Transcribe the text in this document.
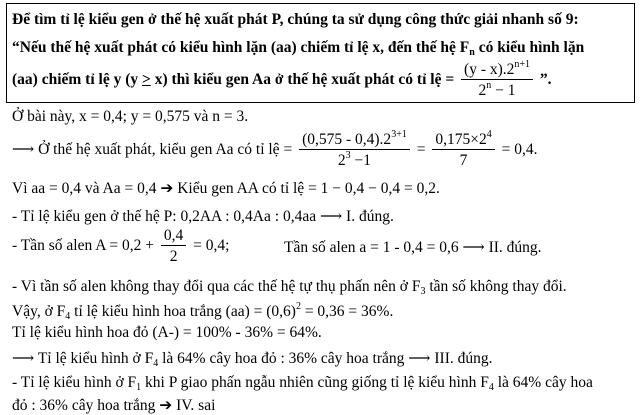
Để tìm tỉ lệ kiểu gen ở thế hệ xuất phát P, chúng ta sử dụng công thức giải nhanh số 9:
“Nếu thế hệ xuất phát có kiểu hình lặn (aa) chiếm tỉ lệ x, đến thế hệ $F_n$ có kiểu hình lặn
(aa) chiếm tỉ lệ y (y ≥ x) thì kiểu gen Aa ở thế hệ xuất phát có tỉ lệ = $\frac{(y - x).2^{n+1}}{2^n - 1}$ ”.
Ở bài này, x = 0,4; y = 0,575 và n = 3.
⟶ Ở thế hệ xuất phát, kiểu gen Aa có tỉ lệ = $\frac{(0,575 - 0,4).2^{3+1}}{2^3 -1} = \frac{0,175\times 2^4}{7} = 0,4$.
Vì aa = 0,4 và Aa = 0,4 ➔ Kiểu gen AA có tỉ lệ = 1 − 0,4 − 0,4 = 0,2.
- Tỉ lệ kiểu gen ở thế hệ P: 0,2AA : 0,4Aa : 0,4aa ⟶ I. đúng.
- Tần số alen $A = 0,2 + \frac{0,4}{2} = 0,4$;	Tần số alen a = 1 - 0,4 = 0,6 ⟶ II. đúng.
- Vì tần số alen không thay đổi qua các thế hệ tự thụ phấn nên ở $F_3$ tần số không thay đổi.
Vậy, ở $F_4$ tỉ lệ kiểu hình hoa trắng $(aa) = (0,6)^2 = 0,36 = 36\%$.
Tỉ lệ kiểu hình hoa đỏ (A-) = 100% - 36% = 64%.
⟶ Tỉ lệ kiểu hình ở $F_4$ là 64% cây hoa đỏ : 36% cây hoa trắng ⟶ III. đúng.
- Tỉ lệ kiểu hình ở $F_1$ khi P giao phấn ngẫu nhiên cũng giống tỉ lệ kiểu hình $F_4$ là 64% cây hoa
đỏ : 36% cây hoa trắng ➔ IV. sai
